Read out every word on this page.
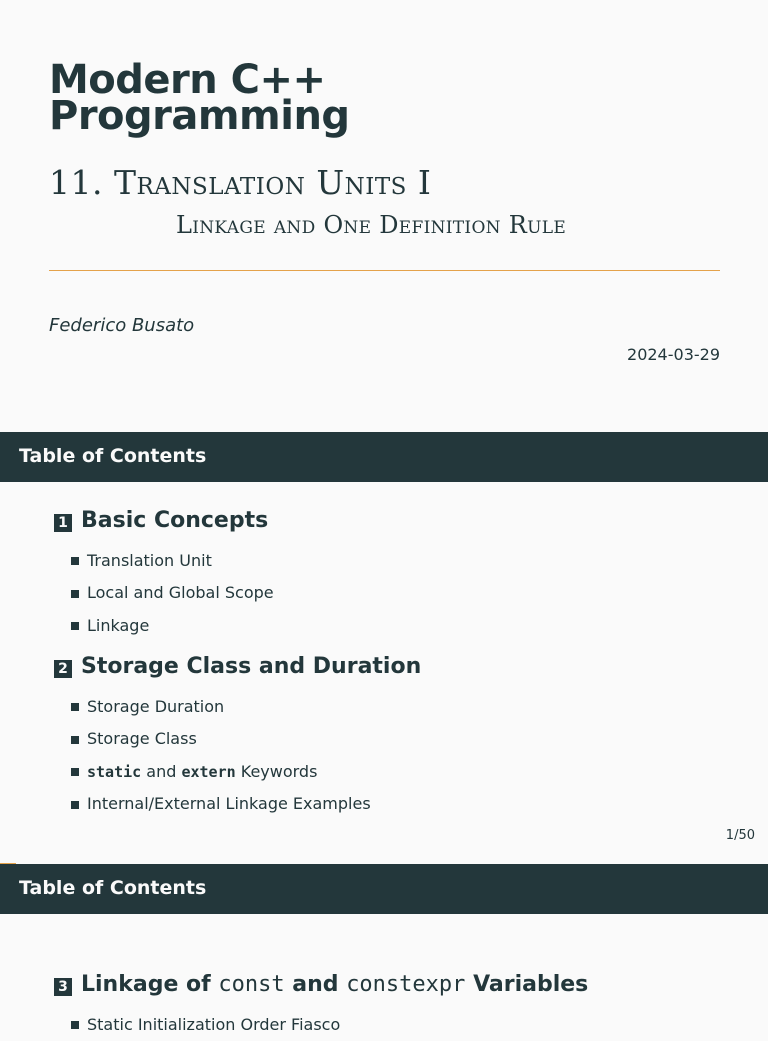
Modern C++
Programming
11. Translation Units I
Linkage and One Definition Rule
Federico Busato
2024-03-29
Table of Contents
1 Basic Concepts
Translation Unit
Local and Global Scope
Linkage
2 Storage Class and Duration
Storage Duration
Storage Class
static and extern Keywords
Internal/External Linkage Examples
1/50
Table of Contents
3 Linkage of const and constexpr Variables
Static Initialization Order Fiasco
